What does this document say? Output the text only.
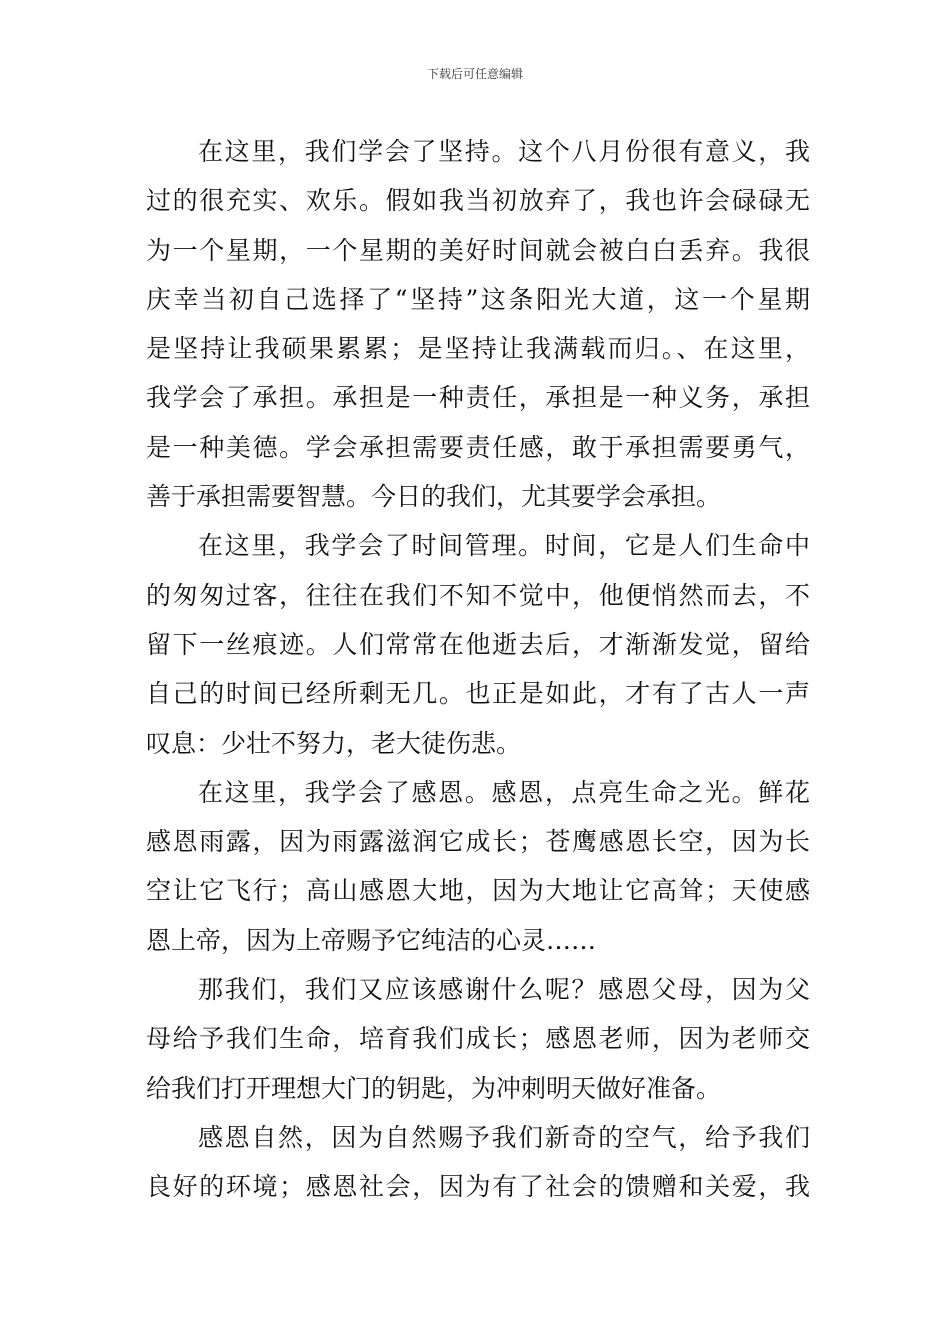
下载后可任意编辑
在这里，我们学会了坚持。这个八月份很有意义，我
过的很充实、欢乐。假如我当初放弃了，我也许会碌碌无
为一个星期，一个星期的美好时间就会被白白丢弃。我很
庆幸当初自己选择了“坚持”这条阳光大道，这一个星期
是坚持让我硕果累累；是坚持让我满载而归。、在这里，
我学会了承担。承担是一种责任，承担是一种义务，承担
是一种美德。学会承担需要责任感，敢于承担需要勇气，
善于承担需要智慧。今日的我们，尤其要学会承担。
在这里，我学会了时间管理。时间，它是人们生命中
的匆匆过客，往往在我们不知不觉中，他便悄然而去，不
留下一丝痕迹。人们常常在他逝去后，才渐渐发觉，留给
自己的时间已经所剩无几。也正是如此，才有了古人一声
叹息：少壮不努力，老大徒伤悲。
在这里，我学会了感恩。感恩，点亮生命之光。鲜花
感恩雨露，因为雨露滋润它成长；苍鹰感恩长空，因为长
空让它飞行；高山感恩大地，因为大地让它高耸；天使感
恩上帝，因为上帝赐予它纯洁的心灵……
那我们，我们又应该感谢什么呢？感恩父母，因为父
母给予我们生命，培育我们成长；感恩老师，因为老师交
给我们打开理想大门的钥匙，为冲刺明天做好准备。
感恩自然，因为自然赐予我们新奇的空气，给予我们
良好的环境；感恩社会，因为有了社会的馈赠和关爱，我
